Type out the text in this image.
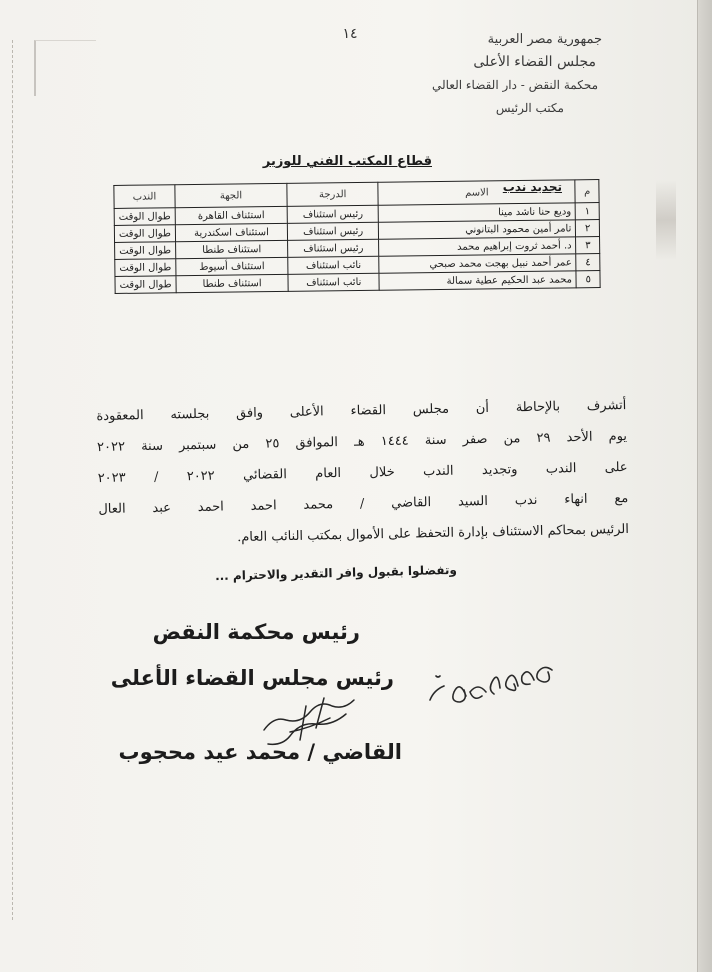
١٤	جمهورية مصر العربية
مجلس القضاء الأعلى
محكمة النقض - دار القضاء العالي
مكتب الرئيس
قطاع المكتب الفني للوزير
تجديد ندب م	الاسم	الدرجة	الجهة	الندب
١	وديع حنا ناشد مينا	رئيس استئناف	استئناف القاهرة	طوال الوقت
٢	تامر أمين محمود البتانوني	رئيس استئناف	استئناف اسكندرية	طوال الوقت
٣	د. أحمد ثروت إبراهيم محمد	رئيس استئناف	استئناف طنطا	طوال الوقت
٤	عمر أحمد نبيل بهجت محمد صبحي	نائب استئناف	استئناف أسيوط	طوال الوقت
٥	محمد عبد الحكيم عطية سمالة	نائب استئناف	استئناف طنطا	طوال الوقت

أتشرف بالإحاطة أن مجلس القضاء الأعلى وافق بجلسته المعقودة
يوم الأحد ٢٩ من صفر سنة ١٤٤٤ هـ الموافق ٢٥ من سبتمبر سنة ٢٠٢٢
على الندب وتجديد الندب خلال العام القضائي ٢٠٢٢ / ٢٠٢٣
مع انهاء ندب السيد القاضي / محمد احمد احمد عبد العال
الرئيس بمحاكم الاستئناف بإدارة التحفظ على الأموال بمكتب النائب العام.

وتفضلوا بقبول وافر التقدير والاحترام ...
رئيس محكمة النقض
رئيس مجلس القضاء الأعلى
القاضي / محمد عيد محجوب
